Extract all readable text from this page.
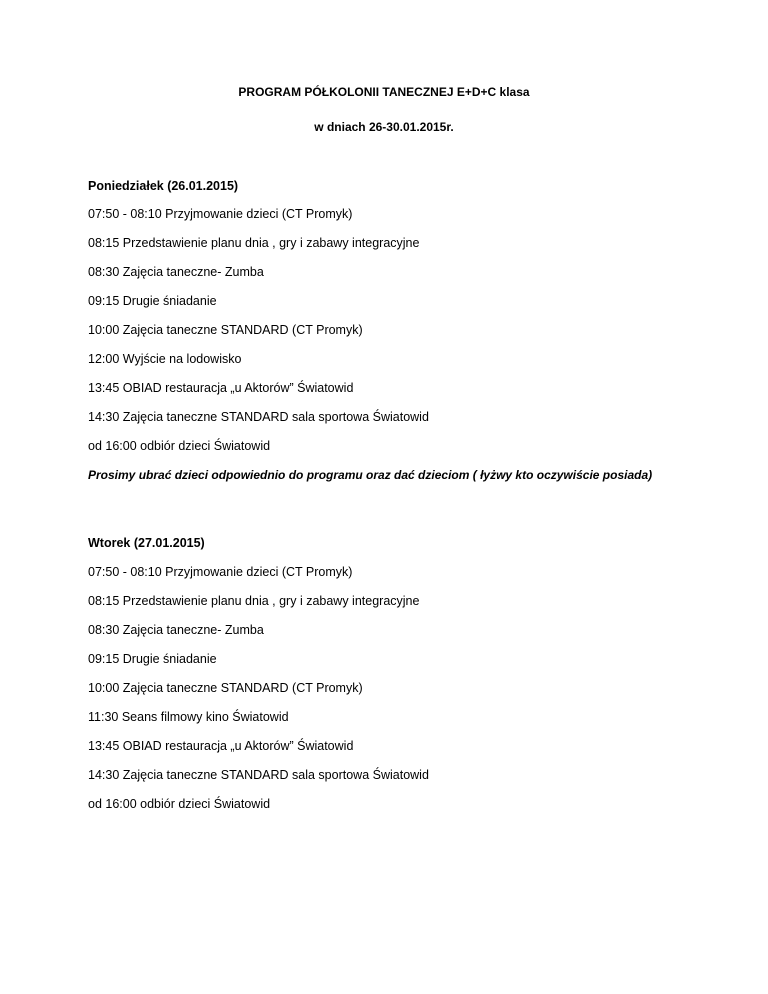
PROGRAM PÓŁKOLONII TANECZNEJ E+D+C klasa
w dniach 26-30.01.2015r.
Poniedziałek (26.01.2015)
07:50 - 08:10 Przyjmowanie dzieci (CT Promyk)
08:15 Przedstawienie planu dnia , gry i zabawy integracyjne
08:30 Zajęcia taneczne- Zumba
09:15 Drugie śniadanie
10:00 Zajęcia taneczne STANDARD (CT Promyk)
12:00 Wyjście na lodowisko
13:45 OBIAD restauracja „u Aktorów” Światowid
14:30 Zajęcia taneczne STANDARD sala sportowa Światowid
od 16:00 odbiór dzieci Światowid
Prosimy ubrać dzieci odpowiednio do programu oraz dać dzieciom ( łyżwy kto oczywiście posiada)
Wtorek (27.01.2015)
07:50 - 08:10 Przyjmowanie dzieci (CT Promyk)
08:15 Przedstawienie planu dnia , gry i zabawy integracyjne
08:30 Zajęcia taneczne- Zumba
09:15 Drugie śniadanie
10:00 Zajęcia taneczne STANDARD (CT Promyk)
11:30 Seans filmowy kino Światowid
13:45 OBIAD restauracja „u Aktorów” Światowid
14:30 Zajęcia taneczne STANDARD sala sportowa Światowid
od 16:00 odbiór dzieci Światowid
